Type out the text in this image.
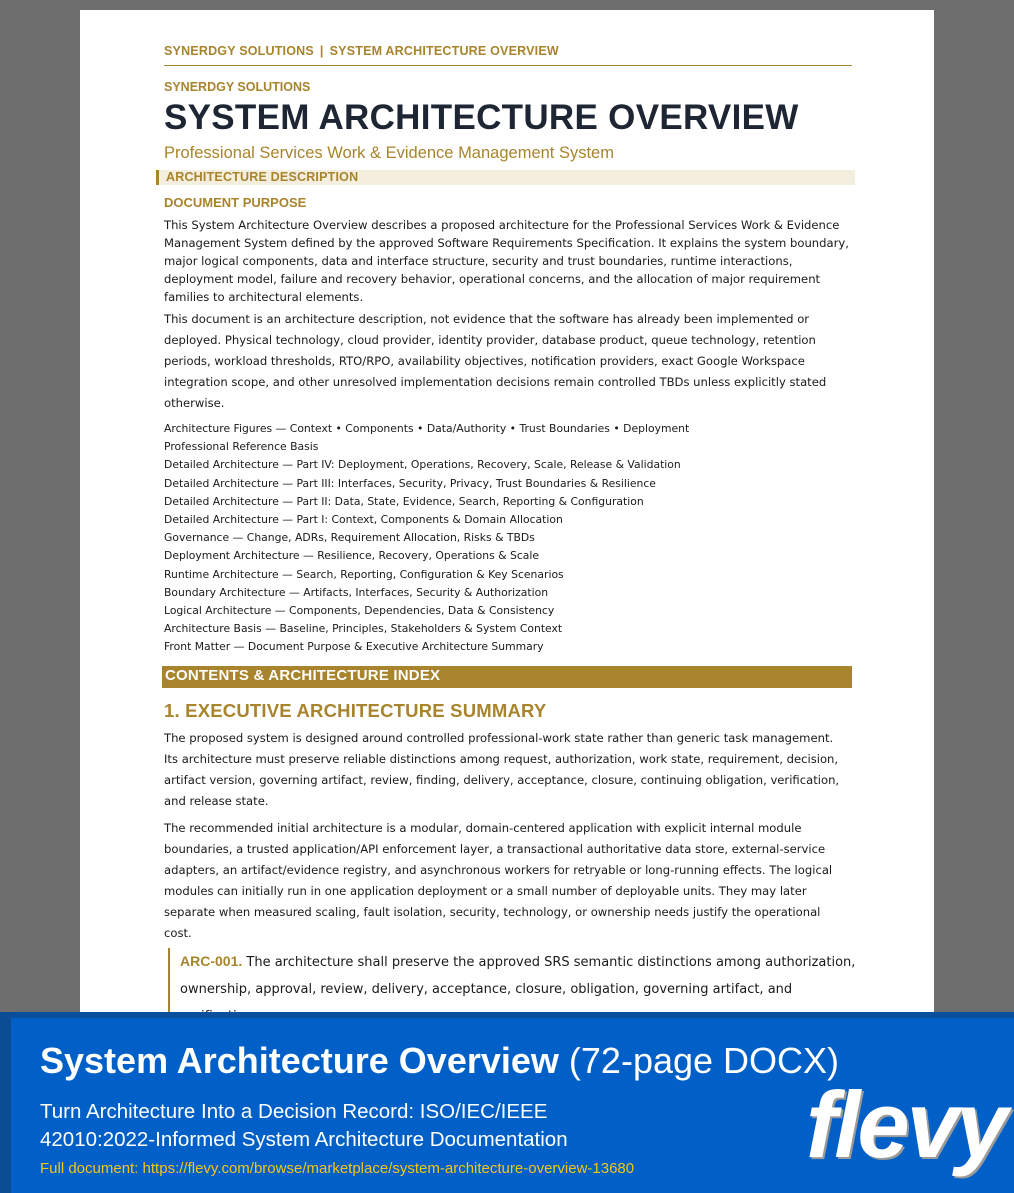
SYNERDGY SOLUTIONS | SYSTEM ARCHITECTURE OVERVIEW
SYNERDGY SOLUTIONS
SYSTEM ARCHITECTURE OVERVIEW
Professional Services Work & Evidence Management System
ARCHITECTURE DESCRIPTION
DOCUMENT PURPOSE
This System Architecture Overview describes a proposed architecture for the Professional Services Work & Evidence Management System defined by the approved Software Requirements Specification. It explains the system boundary, major logical components, data and interface structure, security and trust boundaries, runtime interactions, deployment model, failure and recovery behavior, operational concerns, and the allocation of major requirement families to architectural elements.
This document is an architecture description, not evidence that the software has already been implemented or deployed. Physical technology, cloud provider, identity provider, database product, queue technology, retention periods, workload thresholds, RTO/RPO, availability objectives, notification providers, exact Google Workspace integration scope, and other unresolved implementation decisions remain controlled TBDs unless explicitly stated otherwise.
Architecture Figures — Context • Components • Data/Authority • Trust Boundaries • Deployment
Professional Reference Basis
Detailed Architecture — Part IV: Deployment, Operations, Recovery, Scale, Release & Validation
Detailed Architecture — Part III: Interfaces, Security, Privacy, Trust Boundaries & Resilience
Detailed Architecture — Part II: Data, State, Evidence, Search, Reporting & Configuration
Detailed Architecture — Part I: Context, Components & Domain Allocation
Governance — Change, ADRs, Requirement Allocation, Risks & TBDs
Deployment Architecture — Resilience, Recovery, Operations & Scale
Runtime Architecture — Search, Reporting, Configuration & Key Scenarios
Boundary Architecture — Artifacts, Interfaces, Security & Authorization
Logical Architecture — Components, Dependencies, Data & Consistency
Architecture Basis — Baseline, Principles, Stakeholders & System Context
Front Matter — Document Purpose & Executive Architecture Summary
CONTENTS & ARCHITECTURE INDEX
1. EXECUTIVE ARCHITECTURE SUMMARY
The proposed system is designed around controlled professional-work state rather than generic task management. Its architecture must preserve reliable distinctions among request, authorization, work state, requirement, decision, artifact version, governing artifact, review, finding, delivery, acceptance, closure, continuing obligation, verification, and release state.
The recommended initial architecture is a modular, domain-centered application with explicit internal module boundaries, a trusted application/API enforcement layer, a transactional authoritative data store, external-service adapters, an artifact/evidence registry, and asynchronous workers for retryable or long-running effects. The logical modules can initially run in one application deployment or a small number of deployable units. They may later separate when measured scaling, fault isolation, security, technology, or ownership needs justify the operational cost.
ARC-001. The architecture shall preserve the approved SRS semantic distinctions among authorization, ownership, approval, review, delivery, acceptance, closure, obligation, governing artifact, and
System Architecture Overview (72-page DOCX)
Turn Architecture Into a Decision Record: ISO/IEC/IEEE 42010:2022-Informed System Architecture Documentation
Full document: https://flevy.com/browse/marketplace/system-architecture-overview-13680 flevy
